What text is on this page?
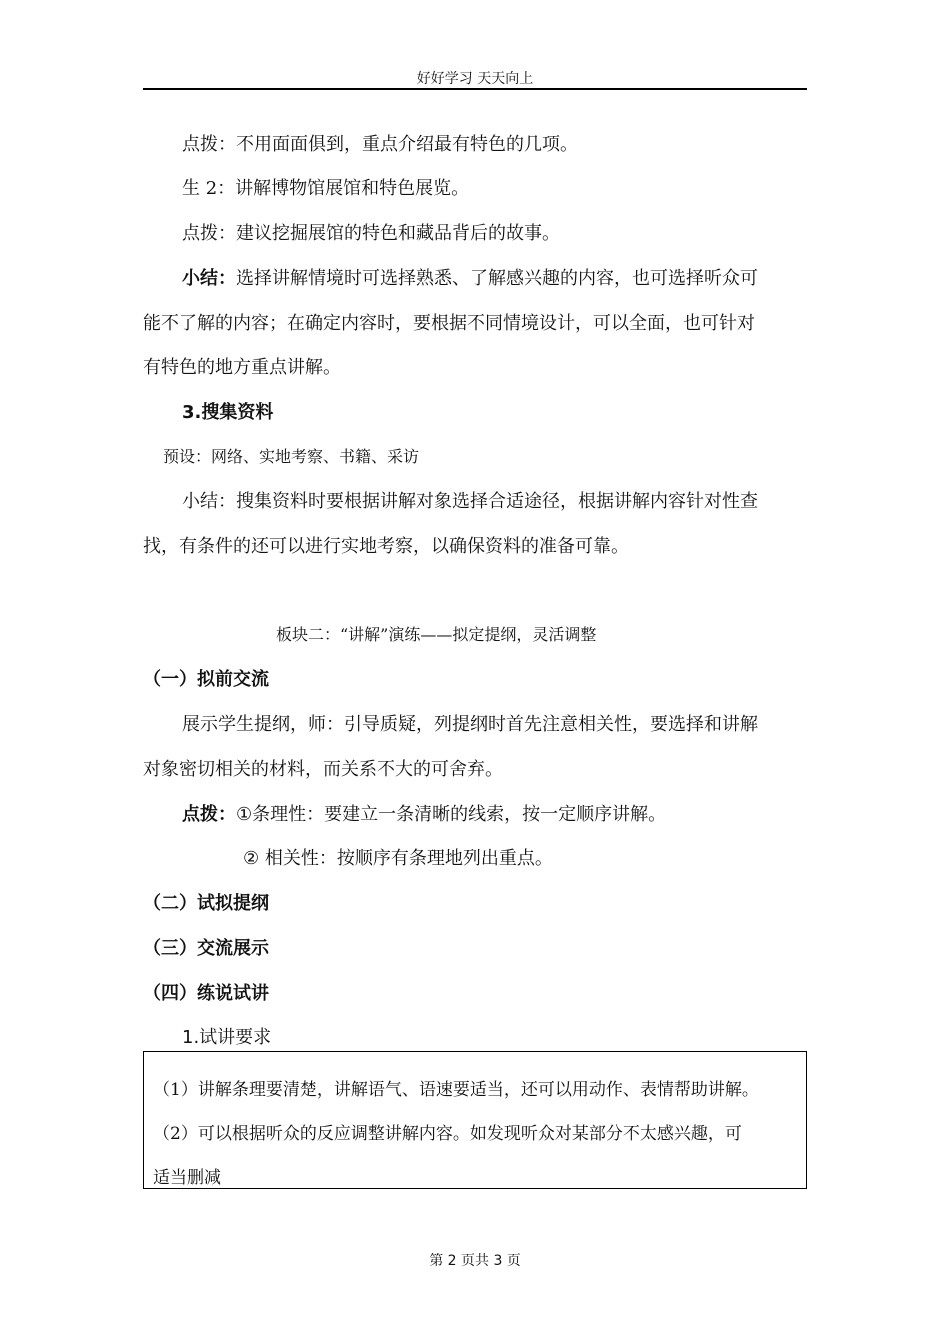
好好学习 天天向上
点拨：不用面面俱到，重点介绍最有特色的几项。
生 2：讲解博物馆展馆和特色展览。
点拨：建议挖掘展馆的特色和藏品背后的故事。
小结：选择讲解情境时可选择熟悉、了解感兴趣的内容，也可选择听众可
能不了解的内容；在确定内容时，要根据不同情境设计，可以全面，也可针对
有特色的地方重点讲解。
3.搜集资料
预设：网络、实地考察、书籍、采访
小结：搜集资料时要根据讲解对象选择合适途径，根据讲解内容针对性查
找，有条件的还可以进行实地考察，以确保资料的准备可靠。
板块二：“讲解”演练——拟定提纲，灵活调整
（一）拟前交流
展示学生提纲，师：引导质疑，列提纲时首先注意相关性，要选择和讲解
对象密切相关的材料，而关系不大的可舍弃。
点拨：①条理性：要建立一条清晰的线索，按一定顺序讲解。
② 相关性：按顺序有条理地列出重点。
（二）试拟提纲
（三）交流展示
（四）练说试讲
1.试讲要求
（1）讲解条理要清楚，讲解语气、语速要适当，还可以用动作、表情帮助讲解。
（2）可以根据听众的反应调整讲解内容。如发现听众对某部分不太感兴趣，可
适当删减
第 2 页共 3 页
